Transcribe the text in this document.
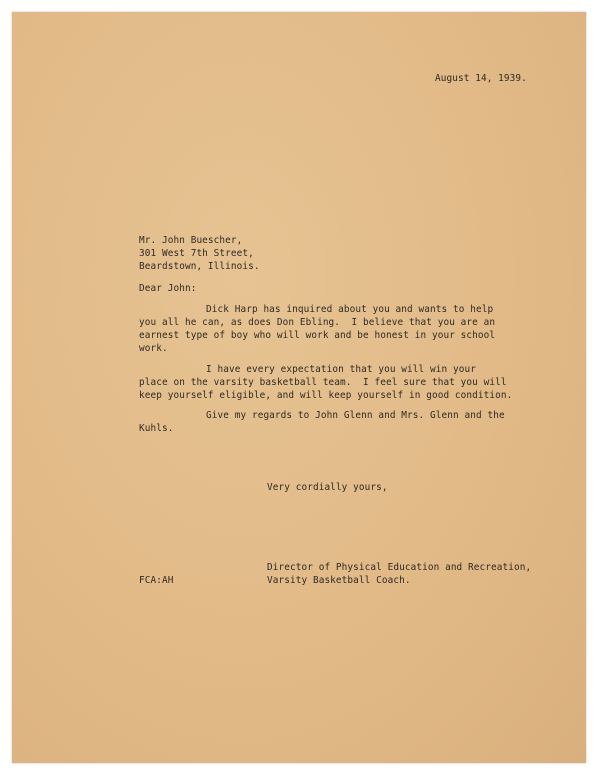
August 14, 1939.
Mr. John Buescher,
301 West 7th Street,
Beardstown, Illinois.
Dear John:
Dick Harp has inquired about you and wants to help
you all he can, as does Don Ebling.  I believe that you are an
earnest type of boy who will work and be honest in your school
work.
I have every expectation that you will win your
place on the varsity basketball team.  I feel sure that you will
keep yourself eligible, and will keep yourself in good condition.
Give my regards to John Glenn and Mrs. Glenn and the
Kuhls.
Very cordially yours,
Director of Physical Education and Recreation,
Varsity Basketball Coach.
FCA:AH
